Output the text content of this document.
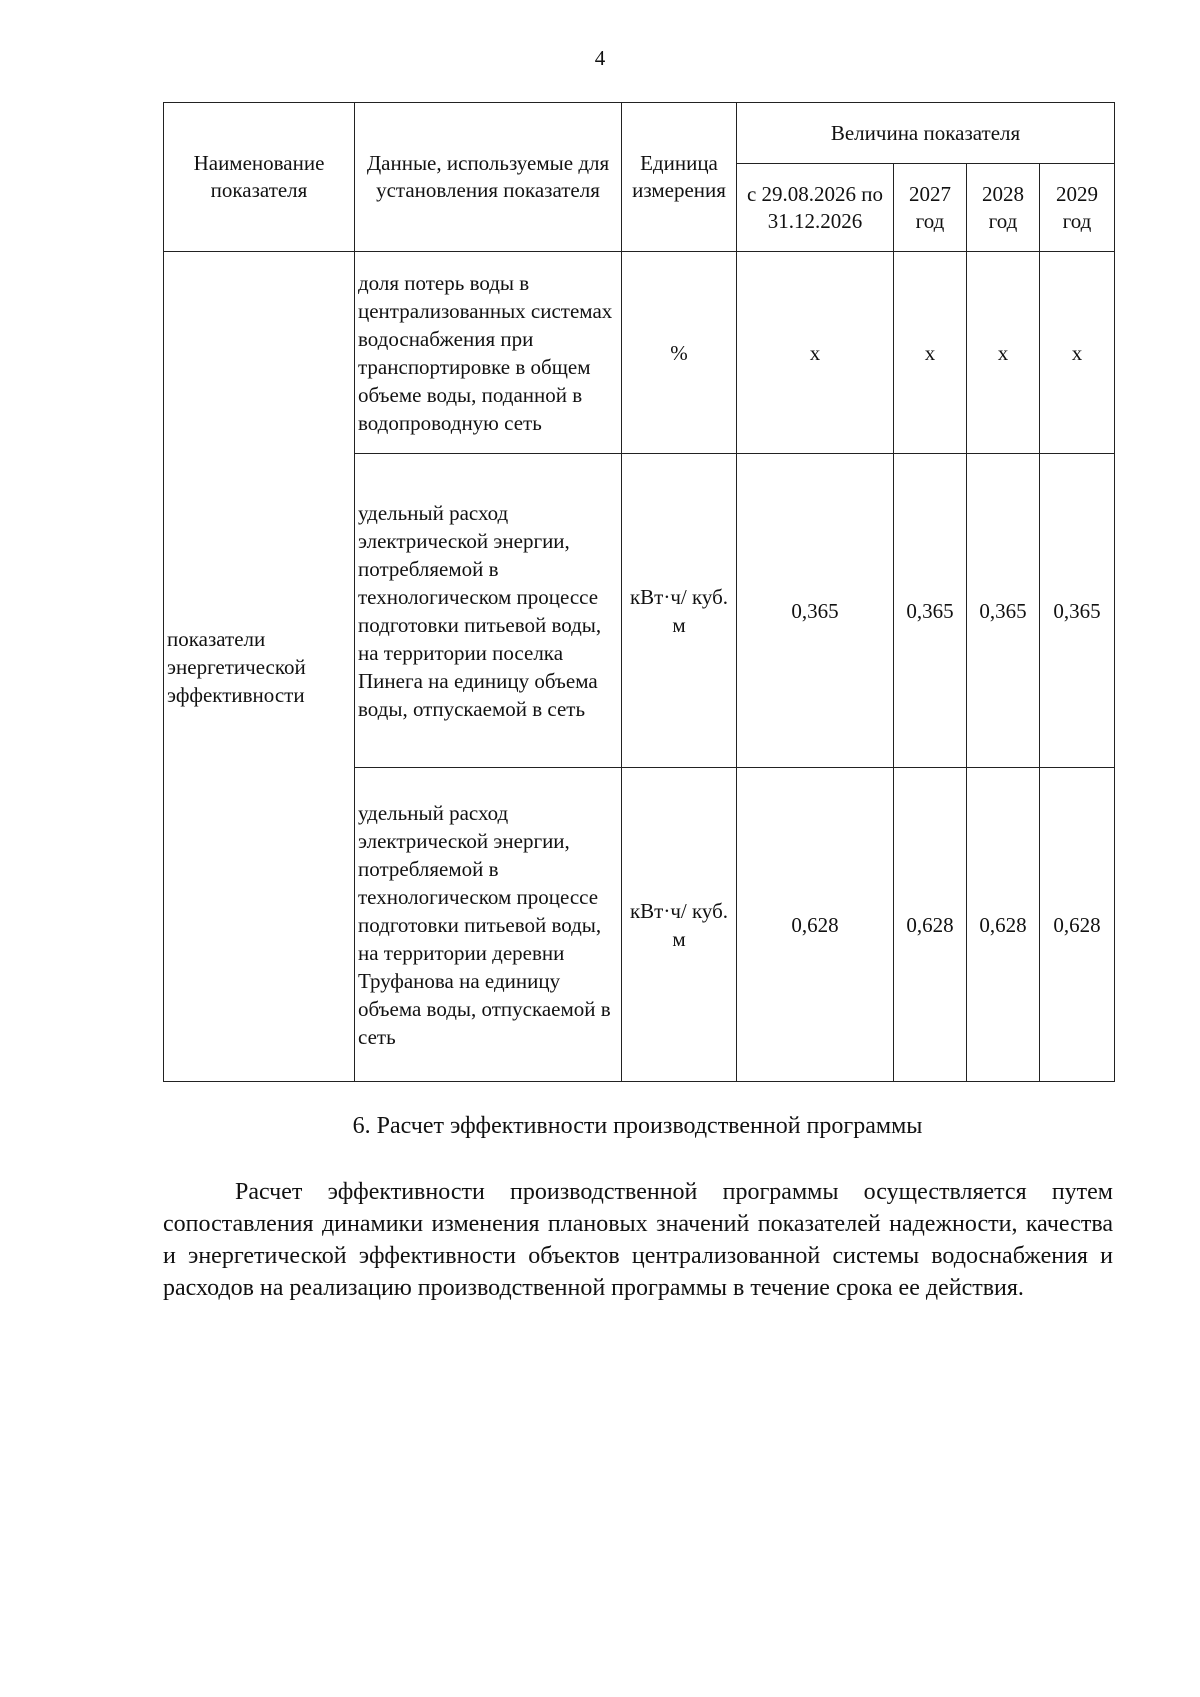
4
Наименование показателя	Данные, используемые для установления показателя	Единица измерения	Величина показателя			
			с 29.08.2026 по 31.12.2026	2027 год	2028 год	2029 год

показатели энергетической эффективности	доля потерь воды в централизованных системах водоснабжения при транспортировке в общем объеме воды, поданной в водопроводную сеть	%	х	х	х	х
	удельный расход электрической энергии, потребляемой в технологическом процессе подготовки питьевой воды, на территории поселка Пинега на единицу объема воды, отпускаемой в сеть	кВт·ч/ куб. м	0,365	0,365	0,365	0,365
	удельный расход электрической энергии, потребляемой в технологическом процессе подготовки питьевой воды, на территории деревни Труфанова на единицу объема воды, отпускаемой в сеть	кВт·ч/ куб. м	0,628	0,628	0,628	0,628
6. Расчет эффективности производственной программы

Расчет эффективности производственной программы осуществляется путем сопоставления динамики изменения плановых значений показателей надежности, качества и энергетической эффективности объектов централизованной системы водоснабжения и расходов на реализацию производственной программы в течение срока ее действия.
